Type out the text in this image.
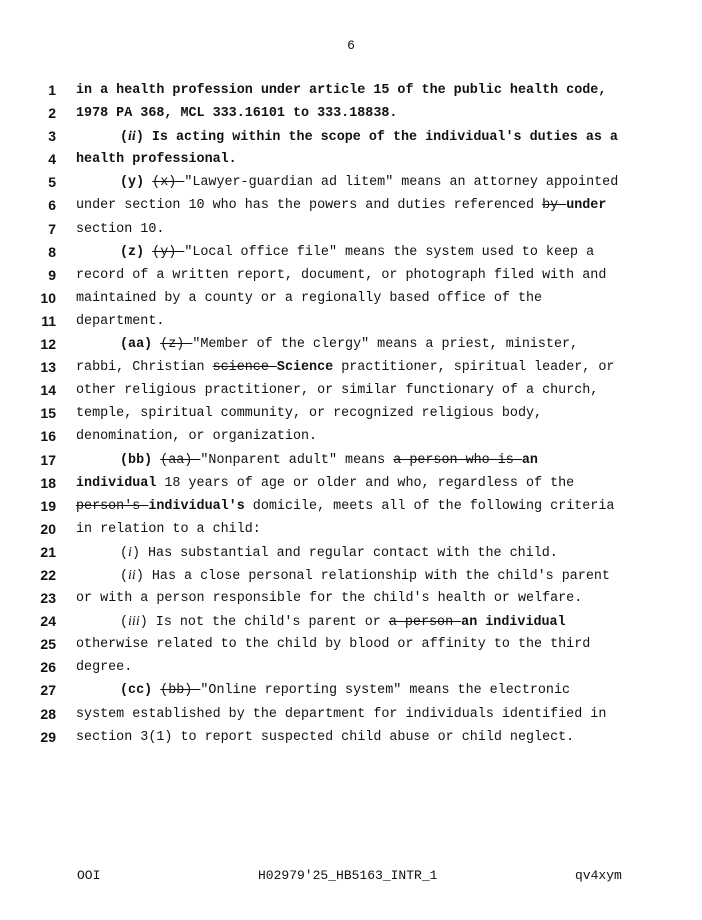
6
1 in a health profession under article 15 of the public health code,
2 1978 PA 368, MCL 333.16101 to 333.18838.
3	(ii) Is acting within the scope of the individual's duties as a
4 health professional.
5	(y) (x) "Lawyer-guardian ad litem" means an attorney appointed
6 under section 10 who has the powers and duties referenced by under
7 section 10.
8	(z) (y) "Local office file" means the system used to keep a
9 record of a written report, document, or photograph filed with and
10 maintained by a county or a regionally based office of the
11 department.
12	(aa) (z) "Member of the clergy" means a priest, minister,
13 rabbi, Christian science Science practitioner, spiritual leader, or
14 other religious practitioner, or similar functionary of a church,
15 temple, spiritual community, or recognized religious body,
16 denomination, or organization.
17	(bb) (aa) "Nonparent adult" means a person who is an
18 individual 18 years of age or older and who, regardless of the
19 person's individual's domicile, meets all of the following criteria
20 in relation to a child:
21	(i) Has substantial and regular contact with the child.
22	(ii) Has a close personal relationship with the child's parent
23 or with a person responsible for the child's health or welfare.
24	(iii) Is not the child's parent or a person an individual
25 otherwise related to the child by blood or affinity to the third
26 degree.
27	(cc) (bb) "Online reporting system" means the electronic
28 system established by the department for individuals identified in
29 section 3(1) to report suspected child abuse or child neglect.
OOI	H02979'25_HB5163_INTR_1	qv4xym
